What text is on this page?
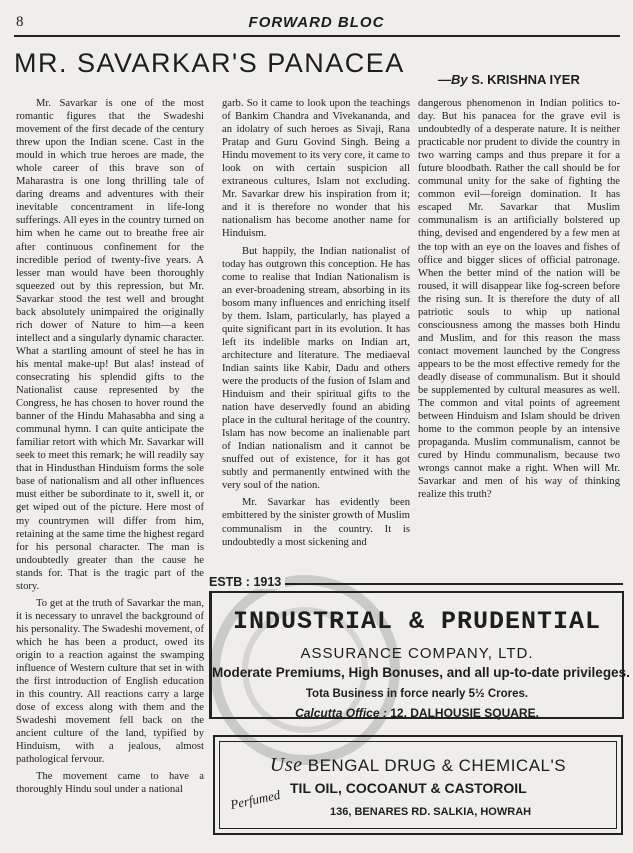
8	FORWARD BLOC
MR. SAVARKAR'S PANACEA
—By S. KRISHNA IYER

Mr. Savarkar is one of the most romantic figures that the Swadeshi movement of the first decade of the century threw upon the Indian scene. Cast in the mould in which true heroes are made, the whole career of this brave son of Maharastra is one long thrilling tale of daring dreams and adventures with their inevitable concentrament in life-long sufferings. All eyes in the country turned on him when he came out to breathe free air after continuous confinement for the incredible period of twenty-five years. A lesser man would have been thoroughly squeezed out by this repression, but Mr. Savarkar stood the test well and brought back absolutely unimpaired the originally rich dower of Nature to him—a keen intellect and a singularly dynamic character. What a startling amount of steel he has in his mental make-up! But alas! instead of consecrating his splendid gifts to the Nationalist cause represented by the Congress, he has chosen to hover round the banner of the Hindu Mahasabha and sing a communal hymn. I can quite anticipate the familiar retort with which Mr. Savarkar will seek to meet this remark; he will readily say that in Hindusthan Hinduism forms the sole base of nationalism and all other influences must either be subordinate to it, swell it, or get wiped out of the picture. Here most of my countrymen will differ from him, retaining at the same time the highest regard for his personal character. The man is undoubtedly greater than the cause he stands for. That is the tragic part of the story.

To get at the truth of Savarkar the man, it is necessary to unravel the background of his personality. The Swadeshi movement, of which he has been a product, owed its origin to a reaction against the swamping influence of Western culture that set in with the first introduction of English education in this country. All reactions carry a large dose of excess along with them and the Swadeshi movement fell back on the ancient culture of the land, typified by Hinduism, with a jealous, almost pathological fervour.

The movement came to have a thoroughly Hindu soul under a national

garb. So it came to look upon the teachings of Bankim Chandra and Vivekananda, and an idolatry of such heroes as Sivaji, Rana Pratap and Guru Govind Singh. Being a Hindu movement to its very core, it came to look on with certain suspicion all extraneous cultures, Islam not excluding. Mr. Savarkar drew his inspiration from it; and it is therefore no wonder that his nationalism has become another name for Hinduism.

But happily, the Indian nationalist of today has outgrown this conception. He has come to realise that Indian Nationalism is an ever-broadening stream, absorbing in its bosom many influences and enriching itself by them. Islam, particularly, has played a quite significant part in its evolution. It has left its indelible marks on Indian art, architecture and literature. The mediaeval Indian saints like Kabir, Dadu and others were the products of the fusion of Islam and Hinduism and their spiritual gifts to the nation have deservedly found an abiding place in the cultural heritage of the country. Islam has now become an inalienable part of Indian nationalism and it cannot be snuffed out of existence, for it has got subtly and permanently entwined with the very soul of the nation.

Mr. Savarkar has evidently been embittered by the sinister growth of Muslim communalism in the country. It is undoubtedly a most sickening and

dangerous phenomenon in Indian politics to-day. But his panacea for the grave evil is undoubtedly of a desperate nature. It is neither practicable nor prudent to divide the country in two warring camps and thus prepare it for a future bloodbath. Rather the call should be for communal unity for the sake of fighting the common evil—foreign domination. It has escaped Mr. Savarkar that Muslim communalism is an artificially bolstered up thing, devised and engendered by a few men at the top with an eye on the loaves and fishes of office and bigger slices of official patronage. When the better mind of the nation will be roused, it will disappear like fog-screen before the rising sun. It is therefore the duty of all patriotic souls to whip up national consciousness among the masses both Hindu and Muslim, and for this reason the mass contact movement launched by the Congress appears to be the most effective remedy for the deadly disease of communalism. But it should be supplemented by cultural measures as well. The common and vital points of agreement between Hinduism and Islam should be driven home to the common people by an intensive propaganda. Muslim communalism, cannot be cured by Hindu communalism, because two wrongs cannot make a right. When will Mr. Savarkar and men of his way of thinking realize this truth?

ESTB : 1913
INDUSTRIAL & PRUDENTIAL
ASSURANCE COMPANY, LTD.
Moderate Premiums, High Bonuses, and all up-to-date privileges.
Tota Business in force nearly 5½ Crores.
Calcutta Office : 12, DALHOUSIE SQUARE.
Use BENGAL DRUG & CHEMICAL'S
Perfumed TIL OIL, COCOANUT & CASTOROIL
136, BENARES RD. SALKIA, HOWRAH
